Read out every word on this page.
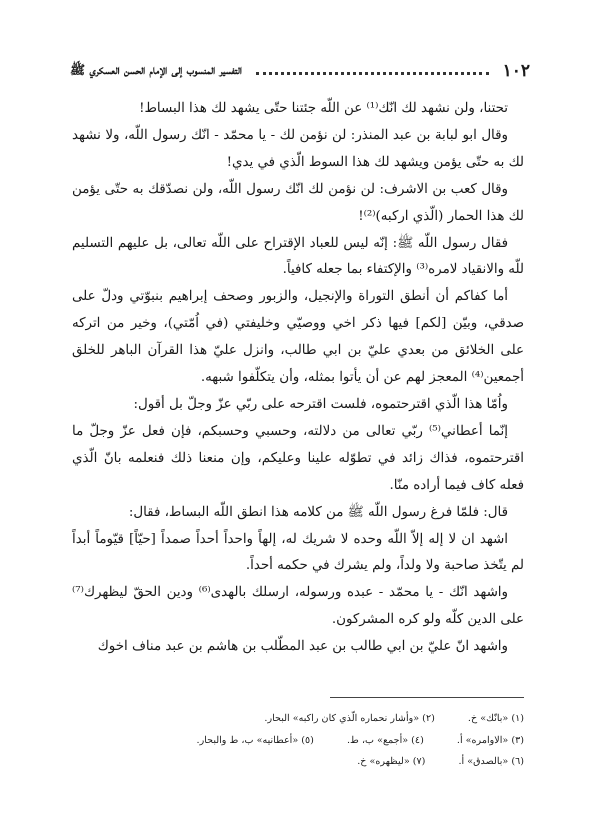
١٠٢
التفسير المنسوب إلى الإمام الحسن العسكري ﷺ

تحتنا، ولن نشهد لك انّك⁽¹⁾ عن اللّه جئتنا حتّى يشهد لك هذا البساط!

وقال ابو لبابة بن عبد المنذر: لن نؤمن لك - يا محمّد - انّك رسول اللّه، ولا نشهد لك به حتّى يؤمن ويشهد لك هذا السوط الّذي في يدي!

وقال كعب بن الاشرف: لن نؤمن لك انّك رسول اللّه، ولن نصدّقك به حتّى يؤمن لك هذا الحمار (الّذي اركبه)⁽²⁾!

فقال رسول اللّه ﷺ: إنّه ليس للعباد الإقتراح على اللّه تعالى، بل عليهم التسليم للّه والانقياد لامره⁽³⁾ والإكتفاء بما جعله كافياً.

أما كفاكم أن أنطق التوراة والإنجيل، والزبور وصحف إبراهيم بنبوّتي ودلّ على صدقي، وبيّن [لكم] فيها ذكر اخي ووصيّي وخليفتي (في اُمّتي)، وخير من اتركه على الخلائق من بعدي عليّ بن ابي طالب، وانزل عليّ هذا القرآن الباهر للخلق أجمعين⁽⁴⁾ المعجز لهم عن أن يأتوا بمثله، وأن يتكلّفوا شبهه.

واُمّا هذا الّذي اقترحتموه، فلست اقترحه على ربّي عزّ وجلّ بل أقول:

إنّما أعطاني⁽⁵⁾ ربّي تعالى من دلالته، وحسبي وحسبكم، فإن فعل عزّ وجلّ ما اقترحتموه، فذاك زائد في تطوّله علينا وعليكم، وإن منعنا ذلك فنعلمه بانّ الّذي فعله كاف فيما أراده منّا.

قال: فلمّا فرغ رسول اللّه ﷺ من كلامه هذا انطق اللّه البساط، فقال:

اشهد ان لا إله إلاّ اللّه وحده لا شريك له، إلهاً واحداً أحداً صمداً [حيّاً] قيّوماً أبداً لم يتّخذ صاحبة ولا ولداً، ولم يشرك في حكمه أحداً.

واشهد انّك - يا محمّد - عبده ورسوله، ارسلك بالهدى⁽⁶⁾ ودين الحقّ ليظهرك⁽⁷⁾ على الدين كلّه ولو كره المشركون.

واشهد انّ عليّ بن ابي طالب بن عبد المطّلب بن هاشم بن عبد مناف اخوك

(١) «بانّك» خ. (٢) «وأشار نحماره الّذي كان راكبه» البحار.
(٣) «الاوامره» أ. (٤) «أجمع» ب، ط. (٥) «أعطانيه» ب، ط والبحار.
(٦) «بالصدق» أ. (٧) «ليظهره» خ.
